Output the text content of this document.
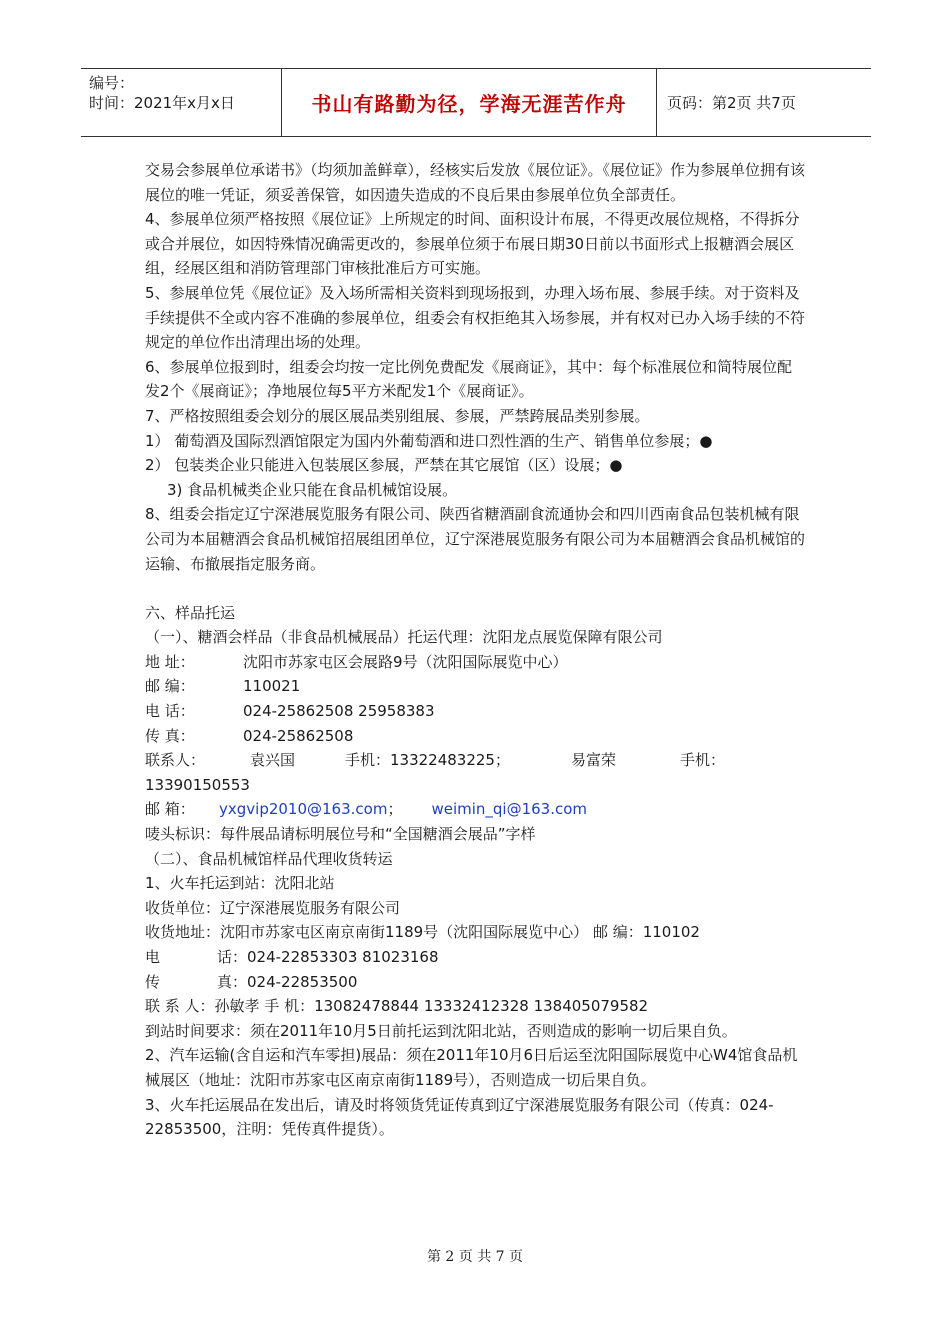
编号：
时间：2021年x月x日	书山有路勤为径，学海无涯苦作舟	页码：第2页 共7页

交易会参展单位承诺书》（均须加盖鲜章），经核实后发放《展位证》。《展位证》作为参展单位拥有该展位的唯一凭证，须妥善保管，如因遗失造成的不良后果由参展单位负全部责任。

4、参展单位须严格按照《展位证》上所规定的时间、面积设计布展，不得更改展位规格，不得拆分或合并展位，如因特殊情况确需更改的，参展单位须于布展日期30日前以书面形式上报糖酒会展区组，经展区组和消防管理部门审核批准后方可实施。

5、参展单位凭《展位证》及入场所需相关资料到现场报到，办理入场布展、参展手续。对于资料及手续提供不全或内容不准确的参展单位，组委会有权拒绝其入场参展，并有权对已办入场手续的不符规定的单位作出清理出场的处理。

6、参展单位报到时，组委会均按一定比例免费配发《展商证》，其中：每个标准展位和简特展位配发2个《展商证》；净地展位每5平方米配发1个《展商证》。

7、严格按照组委会划分的展区展品类别组展、参展，严禁跨展品类别参展。

1） 葡萄酒及国际烈酒馆限定为国内外葡萄酒和进口烈性酒的生产、销售单位参展；●

2） 包装类企业只能进入包装展区参展，严禁在其它展馆（区）设展；●

3) 食品机械类企业只能在食品机械馆设展。

8、组委会指定辽宁深港展览服务有限公司、陕西省糖酒副食流通协会和四川西南食品包装机械有限公司为本届糖酒会食品机械馆招展组团单位，辽宁深港展览服务有限公司为本届糖酒会食品机械馆的运输、布撤展指定服务商。

六、样品托运

（一）、糖酒会样品（非食品机械展品）托运代理：沈阳龙点展览保障有限公司

地 址：	沈阳市苏家屯区会展路9号（沈阳国际展览中心）

邮 编：	110021

电 话：	024-25862508 25958383

传 真：	024-25862508

联系人：	袁兴国	手机：13322483225；	易富荣	手机：

13390150553

邮 箱： yxgvip2010@163.com； weimin_qi@163.com

唛头标识：每件展品请标明展位号和“全国糖酒会展品”字样

（二）、食品机械馆样品代理收货转运

1、火车托运到站：沈阳北站

收货单位：辽宁深港展览服务有限公司

收货地址：沈阳市苏家屯区南京南街1189号（沈阳国际展览中心） 邮 编：110102

电	话：024-22853303 81023168

传	真：024-22853500

联 系 人：孙敏孝 手 机：13082478844 13332412328 138405079582

到站时间要求：须在2011年10月5日前托运到沈阳北站，否则造成的影响一切后果自负。

2、汽车运输(含自运和汽车零担)展品：须在2011年10月6日后运至沈阳国际展览中心W4馆食品机械展区（地址：沈阳市苏家屯区南京南街1189号），否则造成一切后果自负。

3、火车托运展品在发出后，请及时将领货凭证传真到辽宁深港展览服务有限公司（传真：024-22853500，注明：凭传真件提货）。

第 2 页 共 7 页
